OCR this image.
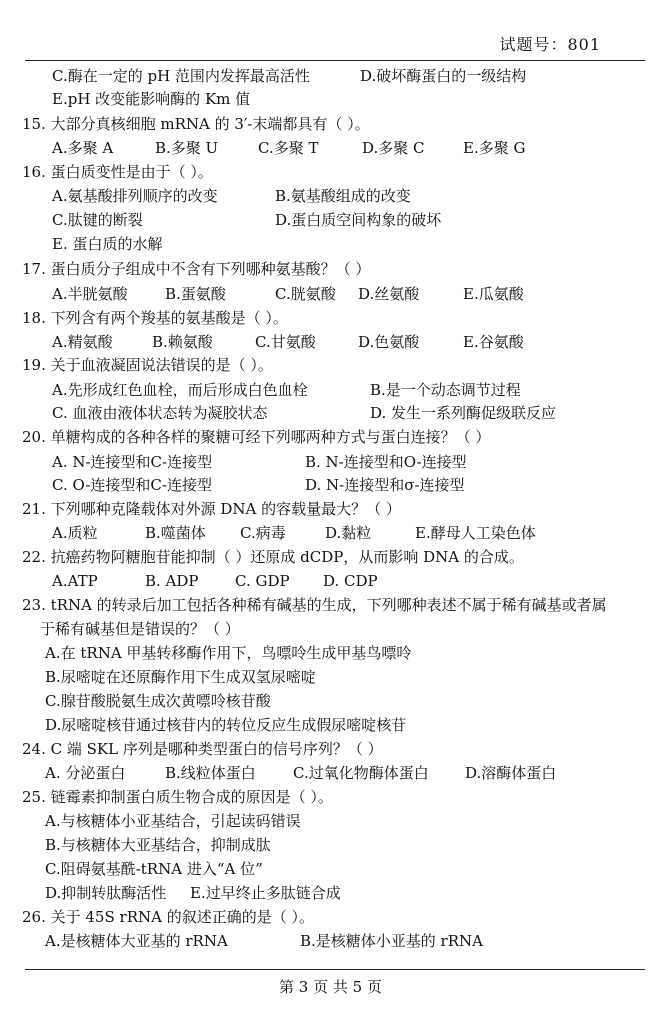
试题号：801
C.酶在一定的 pH 范围内发挥最高活性	D.破坏酶蛋白的一级结构
E.pH 改变能影响酶的 Km 值
15. 大部分真核细胞 mRNA 的 3′-末端都具有（ ）。
A.多聚 A	B.多聚 U	C.多聚 T	D.多聚 C	E.多聚 G
16. 蛋白质变性是由于（ ）。
A.氨基酸排列顺序的改变	B.氨基酸组成的改变
C.肽键的断裂	D.蛋白质空间构象的破坏
E. 蛋白质的水解
17. 蛋白质分子组成中不含有下列哪种氨基酸？（ ）
A.半胱氨酸 B.蛋氨酸	C.胱氨酸 D.丝氨酸	E.瓜氨酸
18. 下列含有两个羧基的氨基酸是（ ）。
A.精氨酸	B.赖氨酸	C.甘氨酸	D.色氨酸	E.谷氨酸
19. 关于血液凝固说法错误的是（ ）。
A.先形成红色血栓，而后形成白色血栓	B.是一个动态调节过程
C. 血液由液体状态转为凝胶状态	D. 发生一系列酶促级联反应
20. 单糖构成的各种各样的聚糖可经下列哪两种方式与蛋白连接？（ ）
A. N-连接型和C-连接型	B. N-连接型和O-连接型
C. O-连接型和C-连接型	D. N-连接型和σ-连接型
21. 下列哪种克隆载体对外源 DNA 的容载量最大？（ ）
A.质粒	B.噬菌体 C.病毒	D.黏粒	E.酵母人工染色体
22. 抗癌药物阿糖胞苷能抑制（ ）还原成 dCDP，从而影响 DNA 的合成。
A.ATP	B. ADP C. GDP D. CDP
23. tRNA 的转录后加工包括各种稀有碱基的生成，下列哪种表述不属于稀有碱基或者属
于稀有碱基但是错误的？（ ）
A.在 tRNA 甲基转移酶作用下，鸟嘌呤生成甲基鸟嘌呤
B.尿嘧啶在还原酶作用下生成双氢尿嘧啶
C.腺苷酸脱氨生成次黄嘌呤核苷酸
D.尿嘧啶核苷通过核苷内的转位反应生成假尿嘧啶核苷
24. C 端 SKL 序列是哪种类型蛋白的信号序列？（ ）
A. 分泌蛋白	B.线粒体蛋白 C.过氧化物酶体蛋白 D.溶酶体蛋白
25. 链霉素抑制蛋白质生物合成的原因是（ ）。
A.与核糖体小亚基结合，引起读码错误
B.与核糖体大亚基结合，抑制成肽
C.阻碍氨基酰-tRNA 进入“A 位”
D.抑制转肽酶活性 E.过早终止多肽链合成
26. 关于 45S rRNA 的叙述正确的是（ ）。
A.是核糖体大亚基的 rRNA	B.是核糖体小亚基的 rRNA
第 3 页 共 5 页
